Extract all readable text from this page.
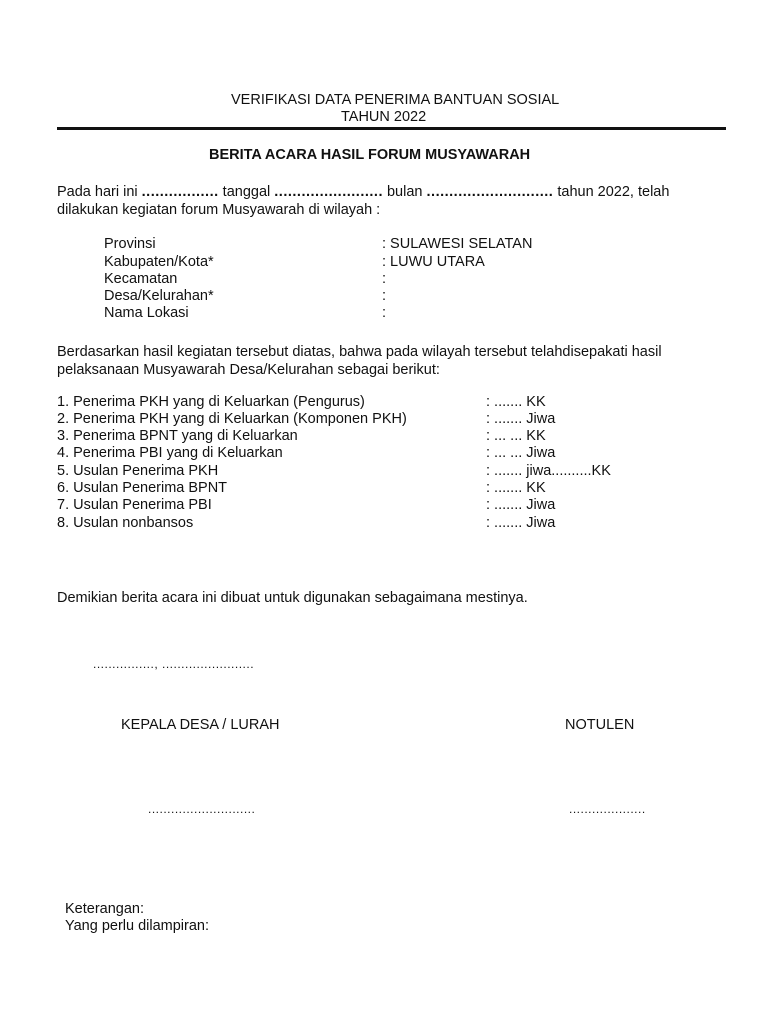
VERIFIKASI DATA PENERIMA BANTUAN SOSIAL
TAHUN 2022
BERITA ACARA HASIL FORUM MUSYAWARAH
Pada hari ini ................. tanggal ........................ bulan ............................ tahun 2022, telah
dilakukan kegiatan forum Musyawarah di wilayah :
Provinsi	: SULAWESI SELATAN
Kabupaten/Kota*	: LUWU UTARA
Kecamatan	:
Desa/Kelurahan*	:
Nama Lokasi	:
Berdasarkan hasil kegiatan tersebut diatas, bahwa pada wilayah tersebut telahdisepakati hasil
pelaksanaan Musyawarah Desa/Kelurahan sebagai berikut:
1. Penerima PKH yang di Keluarkan (Pengurus)	: ....... KK
2. Penerima PKH yang di Keluarkan (Komponen PKH)	: ....... Jiwa
3. Penerima BPNT yang di Keluarkan	: ... ... KK
4. Penerima PBI yang di Keluarkan	: ... ... Jiwa
5. Usulan Penerima PKH	: ....... jiwa..........KK
6. Usulan Penerima BPNT	: ....... KK
7. Usulan Penerima PBI	: ....... Jiwa
8. Usulan nonbansos	: ....... Jiwa
Demikian berita acara ini dibuat untuk digunakan sebagaimana mestinya.
................, ........................
KEPALA DESA / LURAH	NOTULEN
............................	....................
Keterangan:
Yang perlu dilampiran:
